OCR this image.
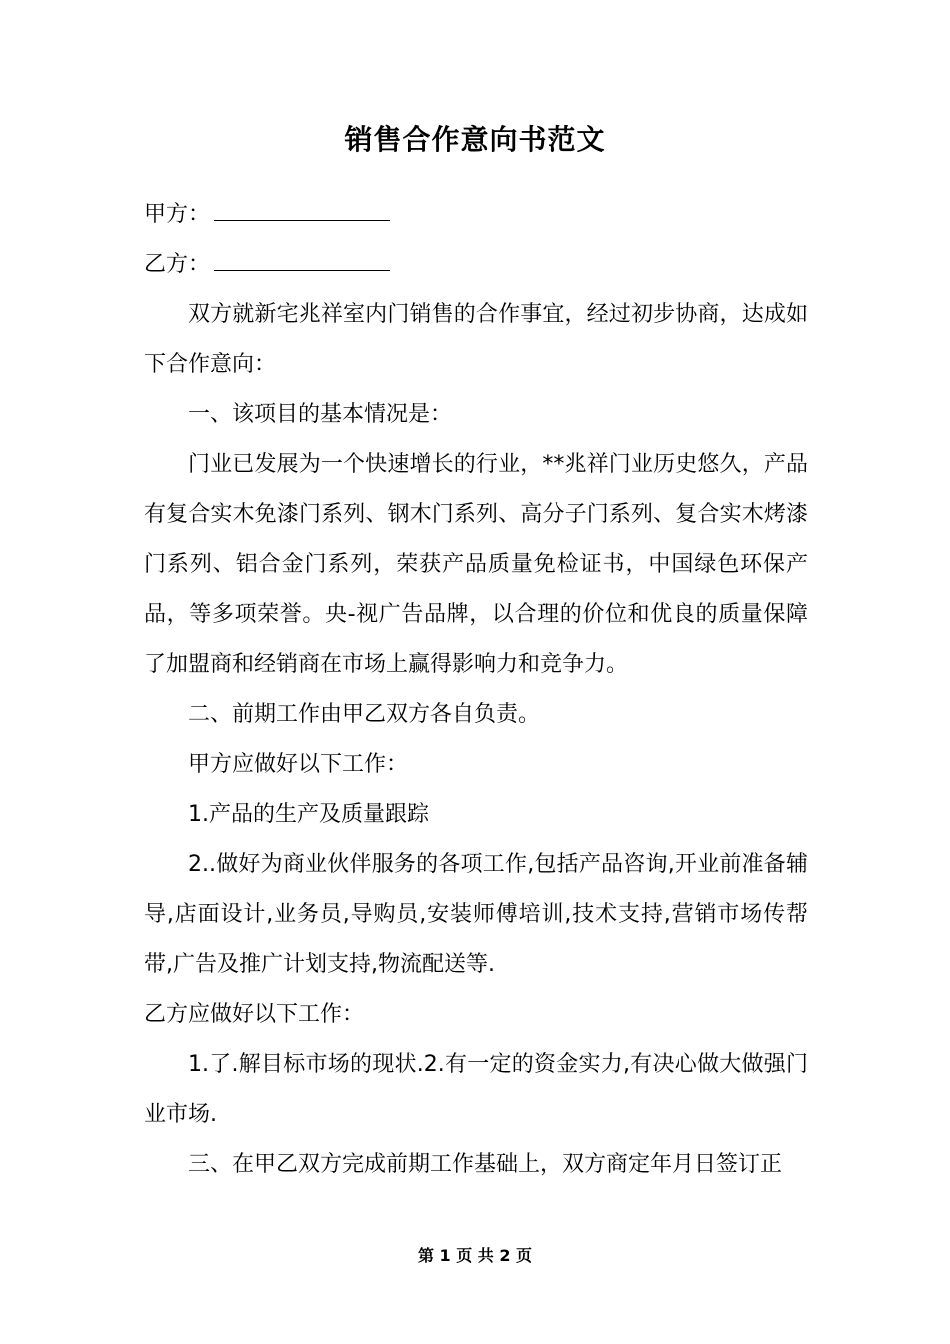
销售合作意向书范文
甲方：
乙方：

双方就新宅兆祥室内门销售的合作事宜，经过初步协商，达成如下合作意向：

一、该项目的基本情况是：

门业已发展为一个快速增长的行业，**兆祥门业历史悠久，产品有复合实木免漆门系列、钢木门系列、高分子门系列、复合实木烤漆门系列、铝合金门系列，荣获产品质量免检证书，中国绿色环保产品，等多项荣誉。央-视广告品牌，以合理的价位和优良的质量保障了加盟商和经销商在市场上赢得影响力和竞争力。

二、前期工作由甲乙双方各自负责。

甲方应做好以下工作：

1.产品的生产及质量跟踪

2..做好为商业伙伴服务的各项工作,包括产品咨询,开业前准备辅导,店面设计,业务员,导购员,安装师傅培训,技术支持,营销市场传帮带,广告及推广计划支持,物流配送等.

乙方应做好以下工作：

1.了.解目标市场的现状.2.有一定的资金实力,有决心做大做强门业市场.

三、在甲乙双方完成前期工作基础上，双方商定年月日签订正

第 1 页 共 2 页
